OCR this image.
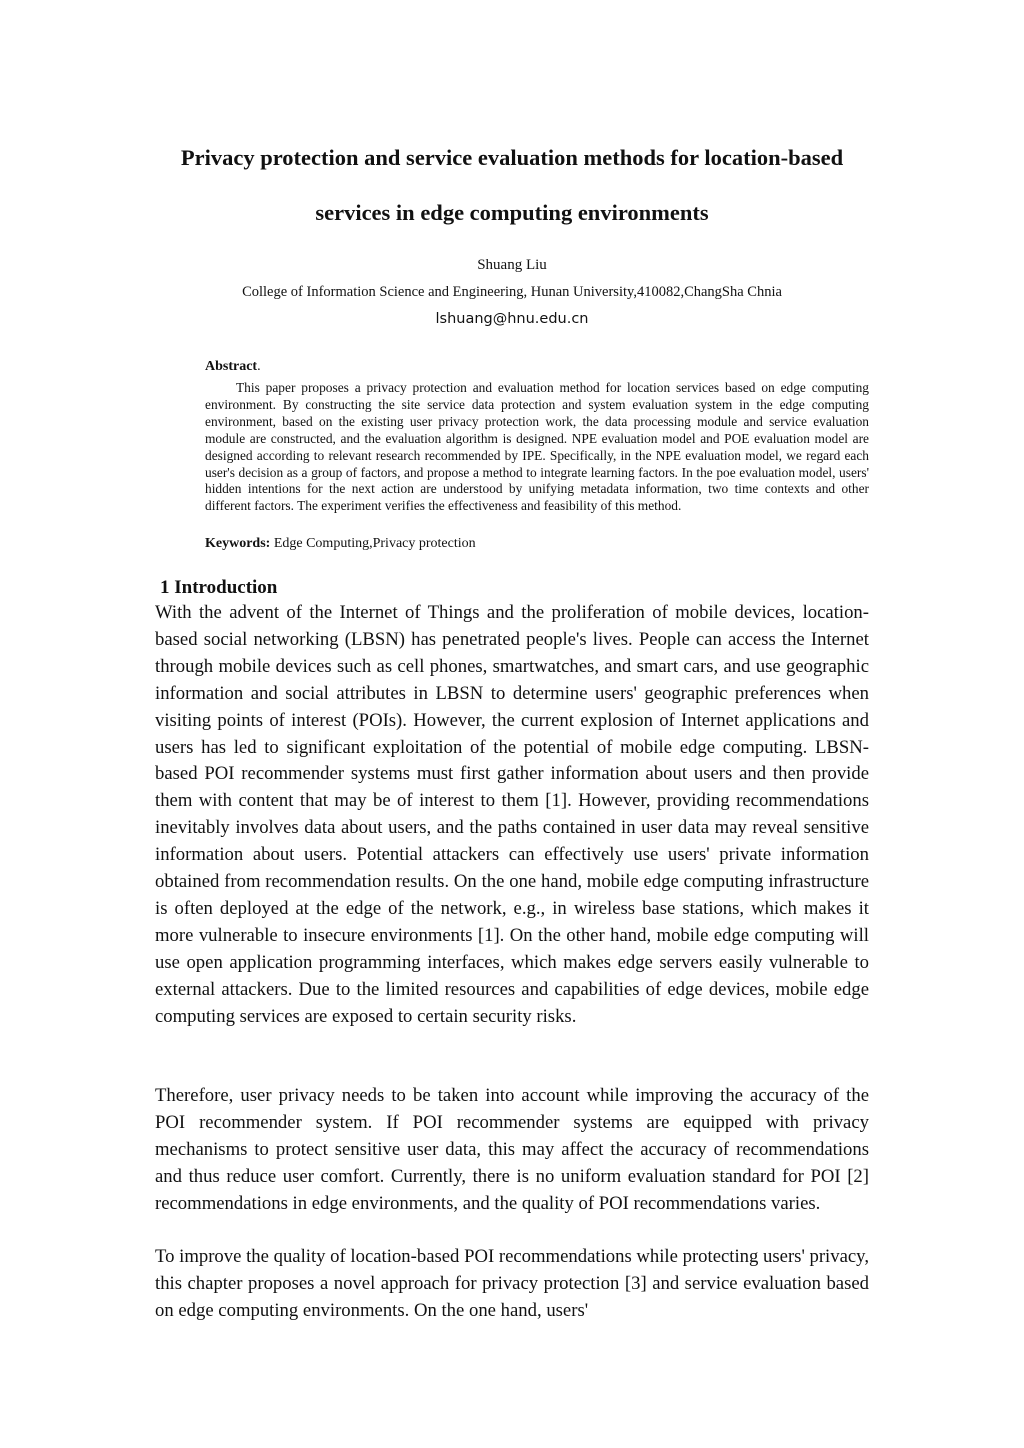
Privacy protection and service evaluation methods for location-based
services in edge computing environments
Shuang Liu
College of Information Science and Engineering, Hunan University,410082,ChangSha Chnia
lshuang@hnu.edu.cn
Abstract.

This paper proposes a privacy protection and evaluation method for location services based on edge computing environment. By constructing the site service data protection and system evaluation system in the edge computing environment, based on the existing user privacy protection work, the data processing module and service evaluation module are constructed, and the evaluation algorithm is designed. NPE evaluation model and POE evaluation model are designed according to relevant research recommended by IPE. Specifically, in the NPE evaluation model, we regard each user's decision as a group of factors, and propose a method to integrate learning factors. In the poe evaluation model, users' hidden intentions for the next action are understood by unifying metadata information, two time contexts and other different factors. The experiment verifies the effectiveness and feasibility of this method.

Keywords: Edge Computing,Privacy protection
1 Introduction

With the advent of the Internet of Things and the proliferation of mobile devices, location-based social networking (LBSN) has penetrated people's lives. People can access the Internet through mobile devices such as cell phones, smartwatches, and smart cars, and use geographic information and social attributes in LBSN to determine users' geographic preferences when visiting points of interest (POIs). However, the current explosion of Internet applications and users has led to significant exploitation of the potential of mobile edge computing. LBSN-based POI recommender systems must first gather information about users and then provide them with content that may be of interest to them [1]. However, providing recommendations inevitably involves data about users, and the paths contained in user data may reveal sensitive information about users. Potential attackers can effectively use users' private information obtained from recommendation results. On the one hand, mobile edge computing infrastructure is often deployed at the edge of the network, e.g., in wireless base stations, which makes it more vulnerable to insecure environments [1]. On the other hand, mobile edge computing will use open application programming interfaces, which makes edge servers easily vulnerable to external attackers. Due to the limited resources and capabilities of edge devices, mobile edge computing services are exposed to certain security risks.

Therefore, user privacy needs to be taken into account while improving the accuracy of the POI recommender system. If POI recommender systems are equipped with privacy mechanisms to protect sensitive user data, this may affect the accuracy of recommendations and thus reduce user comfort. Currently, there is no uniform evaluation standard for POI [2] recommendations in edge environments, and the quality of POI recommendations varies.

To improve the quality of location-based POI recommendations while protecting users' privacy, this chapter proposes a novel approach for privacy protection [3] and service evaluation based on edge computing environments. On the one hand, users'
